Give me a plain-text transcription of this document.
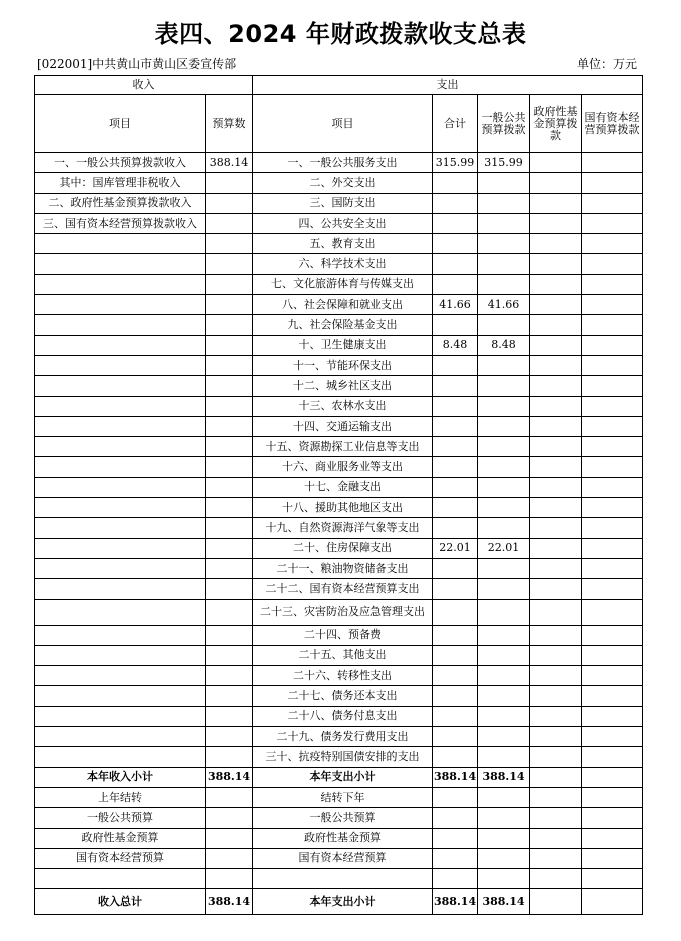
表四、2024 年财政拨款收支总表
[022001]中共黄山市黄山区委宣传部	单位：万元
收入		支出				
项目	预算数	项目	合计	一般公共预算拨款	政府性基金预算拨款	国有资本经营预算拨款
一、一般公共预算拨款收入	388.14	一、一般公共服务支出	315.99	315.99		
其中：国库管理非税收入		二、外交支出				
二、政府性基金预算拨款收入		三、国防支出				
三、国有资本经营预算拨款收入		四、公共安全支出				
		五、教育支出				
		六、科学技术支出				
		七、文化旅游体育与传媒支出				
		八、社会保障和就业支出	41.66	41.66		
		九、社会保险基金支出				
		十、卫生健康支出	8.48	8.48		
		十一、节能环保支出				
		十二、城乡社区支出				
		十三、农林水支出				
		十四、交通运输支出				
		十五、资源勘探工业信息等支出				
		十六、商业服务业等支出				
		十七、金融支出				
		十八、援助其他地区支出				
		十九、自然资源海洋气象等支出				
		二十、住房保障支出	22.01	22.01		
		二十一、粮油物资储备支出				
		二十二、国有资本经营预算支出				
		二十三、灾害防治及应急管理支出				
		二十四、预备费				
		二十五、其他支出				
		二十六、转移性支出				
		二十七、债务还本支出				
		二十八、债务付息支出				
		二十九、债务发行费用支出				
		三十、抗疫特别国债安排的支出				
本年收入小计	388.14	本年支出小计	388.14	388.14		
上年结转		结转下年				
一般公共预算		一般公共预算				
政府性基金预算		政府性基金预算				
国有资本经营预算		国有资本经营预算				

收入总计	388.14	本年支出小计	388.14	388.14		
